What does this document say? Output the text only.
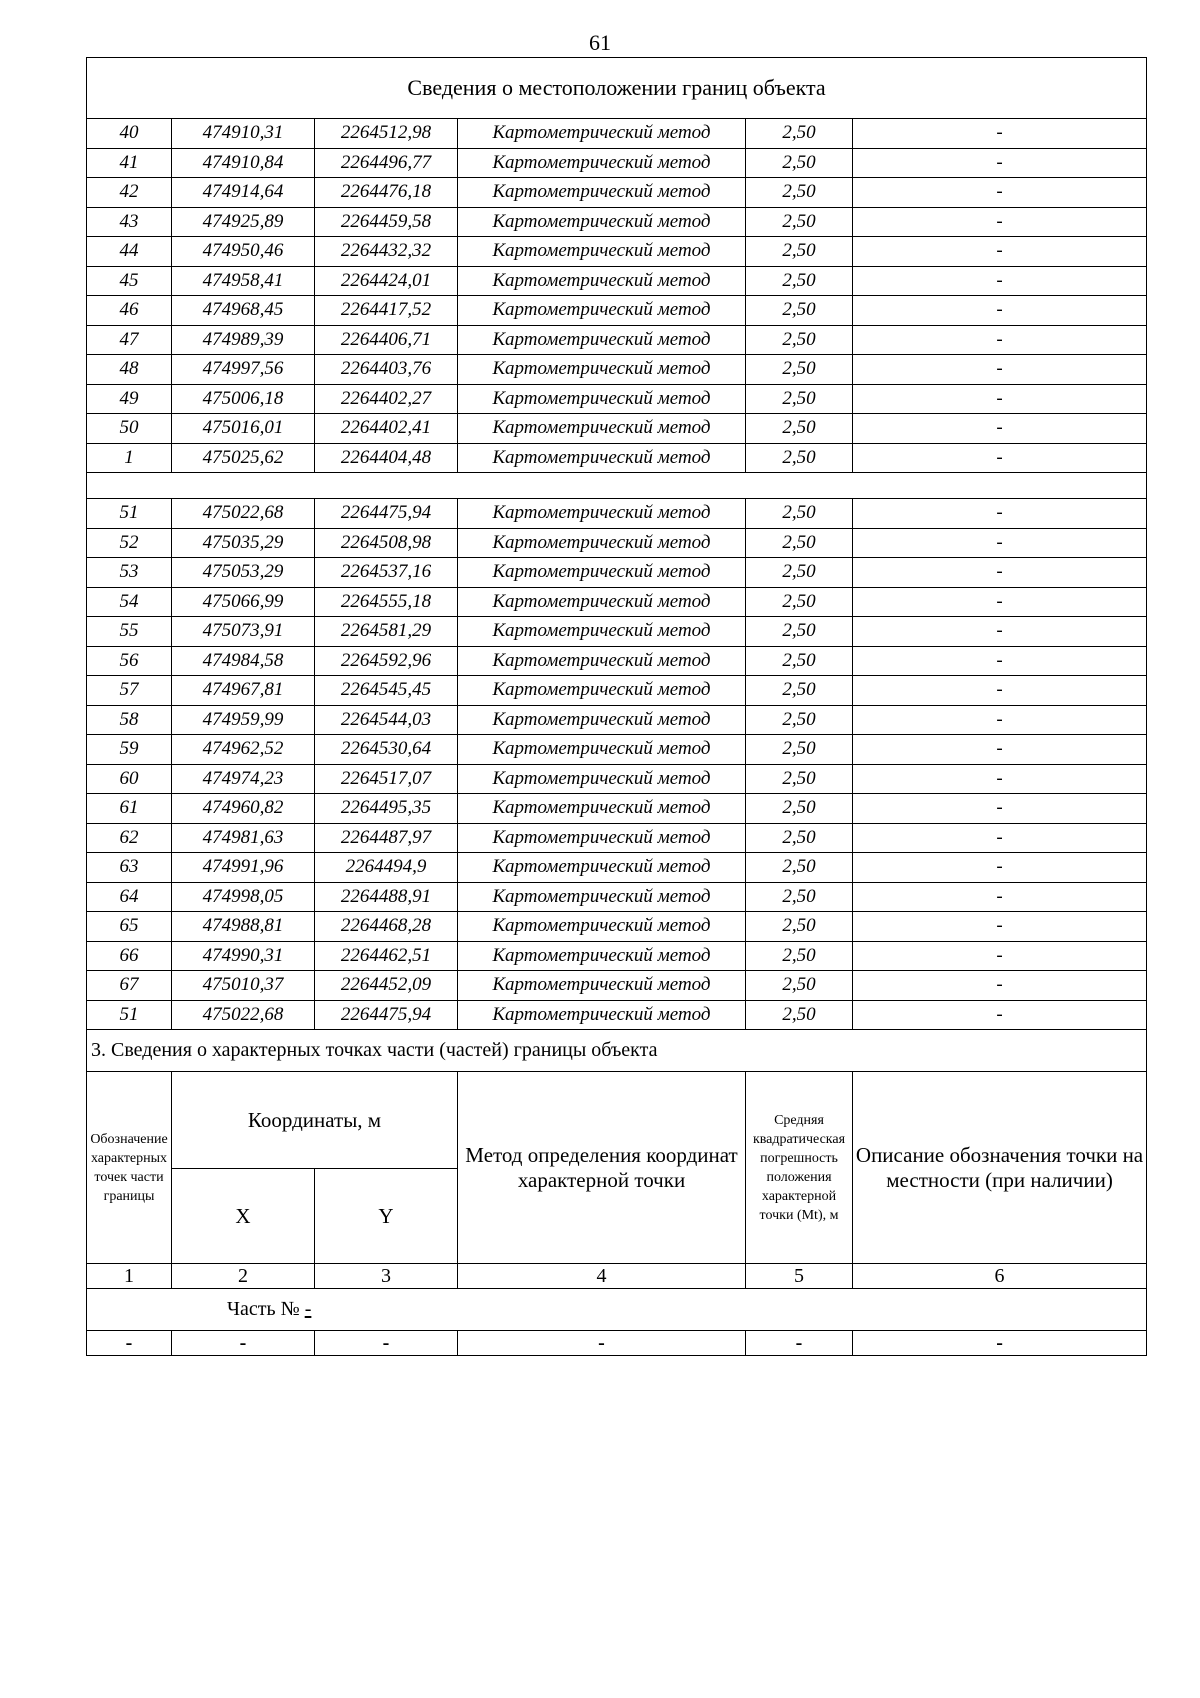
61
Сведения о местоположении границ объекта					
40	474910,31	2264512,98	Картометрический метод	2,50	-
41	474910,84	2264496,77	Картометрический метод	2,50	-
42	474914,64	2264476,18	Картометрический метод	2,50	-
43	474925,89	2264459,58	Картометрический метод	2,50	-
44	474950,46	2264432,32	Картометрический метод	2,50	-
45	474958,41	2264424,01	Картометрический метод	2,50	-
46	474968,45	2264417,52	Картометрический метод	2,50	-
47	474989,39	2264406,71	Картометрический метод	2,50	-
48	474997,56	2264403,76	Картометрический метод	2,50	-
49	475006,18	2264402,27	Картометрический метод	2,50	-
50	475016,01	2264402,41	Картометрический метод	2,50	-
1	475025,62	2264404,48	Картометрический метод	2,50	-

51	475022,68	2264475,94	Картометрический метод	2,50	-
52	475035,29	2264508,98	Картометрический метод	2,50	-
53	475053,29	2264537,16	Картометрический метод	2,50	-
54	475066,99	2264555,18	Картометрический метод	2,50	-
55	475073,91	2264581,29	Картометрический метод	2,50	-
56	474984,58	2264592,96	Картометрический метод	2,50	-
57	474967,81	2264545,45	Картометрический метод	2,50	-
58	474959,99	2264544,03	Картометрический метод	2,50	-
59	474962,52	2264530,64	Картометрический метод	2,50	-
60	474974,23	2264517,07	Картометрический метод	2,50	-
61	474960,82	2264495,35	Картометрический метод	2,50	-
62	474981,63	2264487,97	Картометрический метод	2,50	-
63	474991,96	2264494,9	Картометрический метод	2,50	-
64	474998,05	2264488,91	Картометрический метод	2,50	-
65	474988,81	2264468,28	Картометрический метод	2,50	-
66	474990,31	2264462,51	Картометрический метод	2,50	-
67	475010,37	2264452,09	Картометрический метод	2,50	-
51	475022,68	2264475,94	Картометрический метод	2,50	-
3. Сведения о характерных точках части (частей) границы объекта					
Обозначение характерных точек части границы	Координаты, м		Метод определения координат характерной точки	Средняя квадратическая погрешность положения характерной точки (Mt), м	Описание обозначения точки на местности (при наличии)
	X	Y			
1	2	3	4	5	6
Часть № -					
-	-	-	-	-	-
